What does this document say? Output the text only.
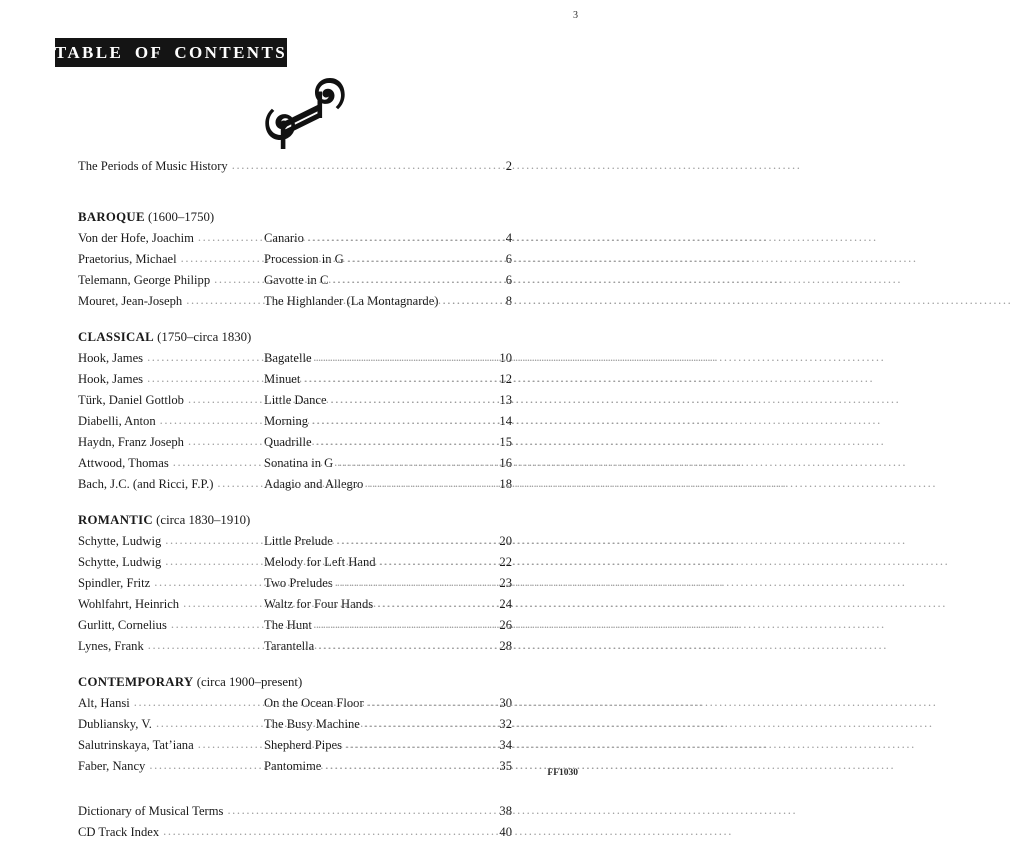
3
TABLE OF CONTENTS
The Periods of Music History .....	2
BAROQUE (1600–1750)
Von der Hofe, Joachim .....	Canario .....	4
Praetorius, Michael .....	Procession in G .....	6
Telemann, George Philipp .....	Gavotte in C .....	6
Mouret, Jean-Joseph .....	The Highlander (La Montagnarde) .....	8
CLASSICAL (1750–circa 1830)
Hook, James .....	Bagatelle .....	10
Hook, James .....	Minuet .....	12
Türk, Daniel Gottlob .....	Little Dance .....	13
Diabelli, Anton .....	Morning .....	14
Haydn, Franz Joseph .....	Quadrille .....	15
Attwood, Thomas .....	Sonatina in G .....	16
Bach, J.C. (and Ricci, F.P.) .....	Adagio and Allegro .....	18
ROMANTIC (circa 1830–1910)
Schytte, Ludwig .....	Little Prelude .....	20
Schytte, Ludwig .....	Melody for Left Hand .....	22
Spindler, Fritz .....	Two Preludes .....	23
Wohlfahrt, Heinrich .....	Waltz for Four Hands .....	24
Gurlitt, Cornelius .....	The Hunt .....	26
Lynes, Frank .....	Tarantella .....	28
CONTEMPORARY (circa 1900–present)
Alt, Hansi .....	On the Ocean Floor .....	30
Dubliansky, V. .....	The Busy Machine .....	32
Salutrinskaya, Tat’iana .....	Shepherd Pipes .....	34
Faber, Nancy .....	Pantomime .....	35
Dictionary of Musical Terms .....	38
CD Track Index .....	40
FF1030
